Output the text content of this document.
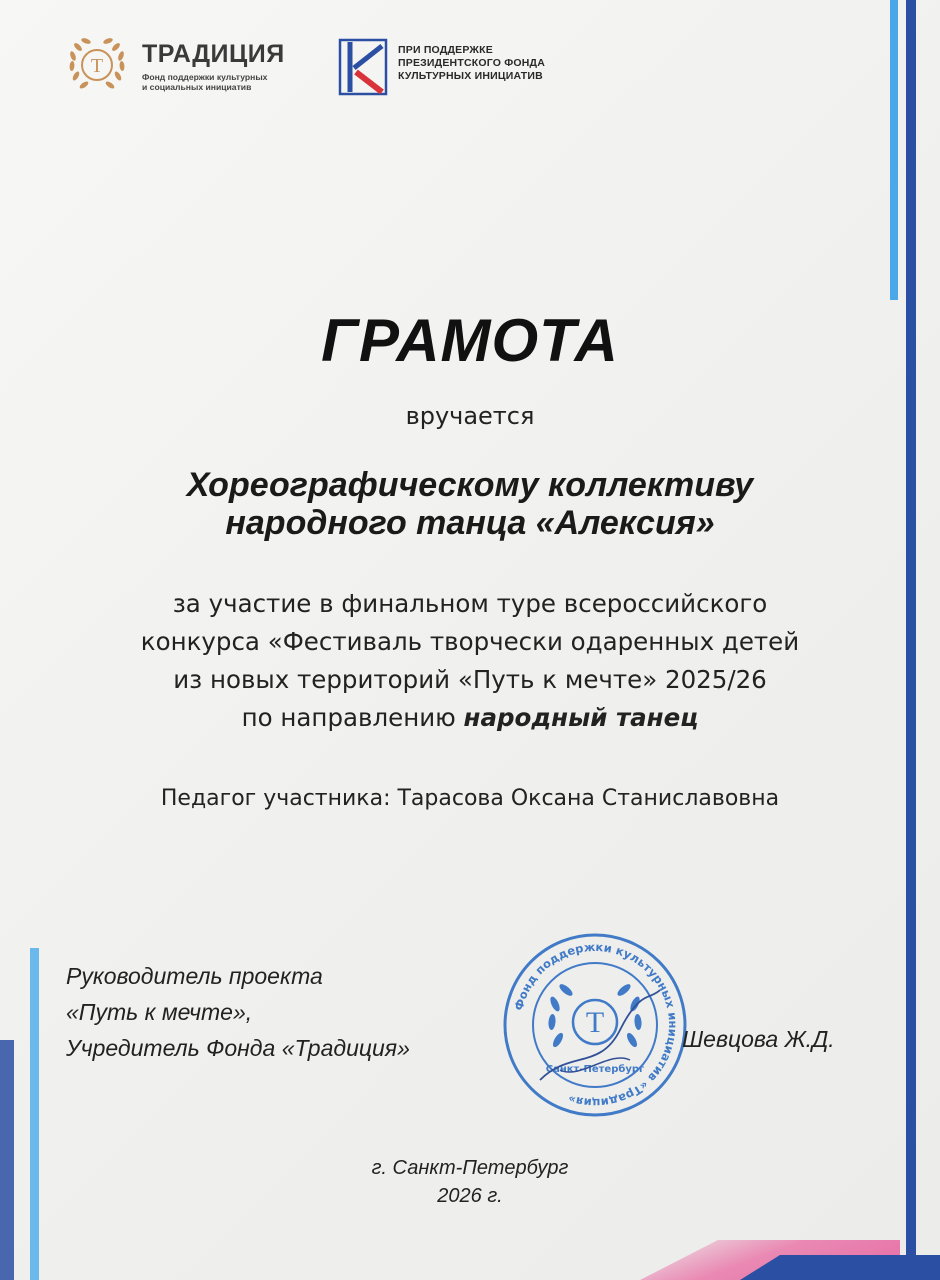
Т ТРАДИЦИЯ
Фонд поддержки культурных
и социальных инициатив
ПРИ ПОДДЕРЖКЕ
ПРЕЗИДЕНТСКОГО ФОНДА
КУЛЬТУРНЫХ ИНИЦИАТИВ
ГРАМОТА
вручается
Хореографическому коллективу
народного танца «Алексия»
за участие в финальном туре всероссийского
конкурса «Фестиваль творчески одаренных детей
из новых территорий «Путь к мечте» 2025/26
по направлению народный танец
Педагог участника: Тарасова Оксана Станиславовна
Руководитель проекта
«Путь к мечте»,
Учредитель Фонда «Традиция»
Фонд поддержки культурных инициатив «Традиция»
Т
Санкт-Петербург
Шевцова Ж.Д.
г. Санкт-Петербург
2026 г.
